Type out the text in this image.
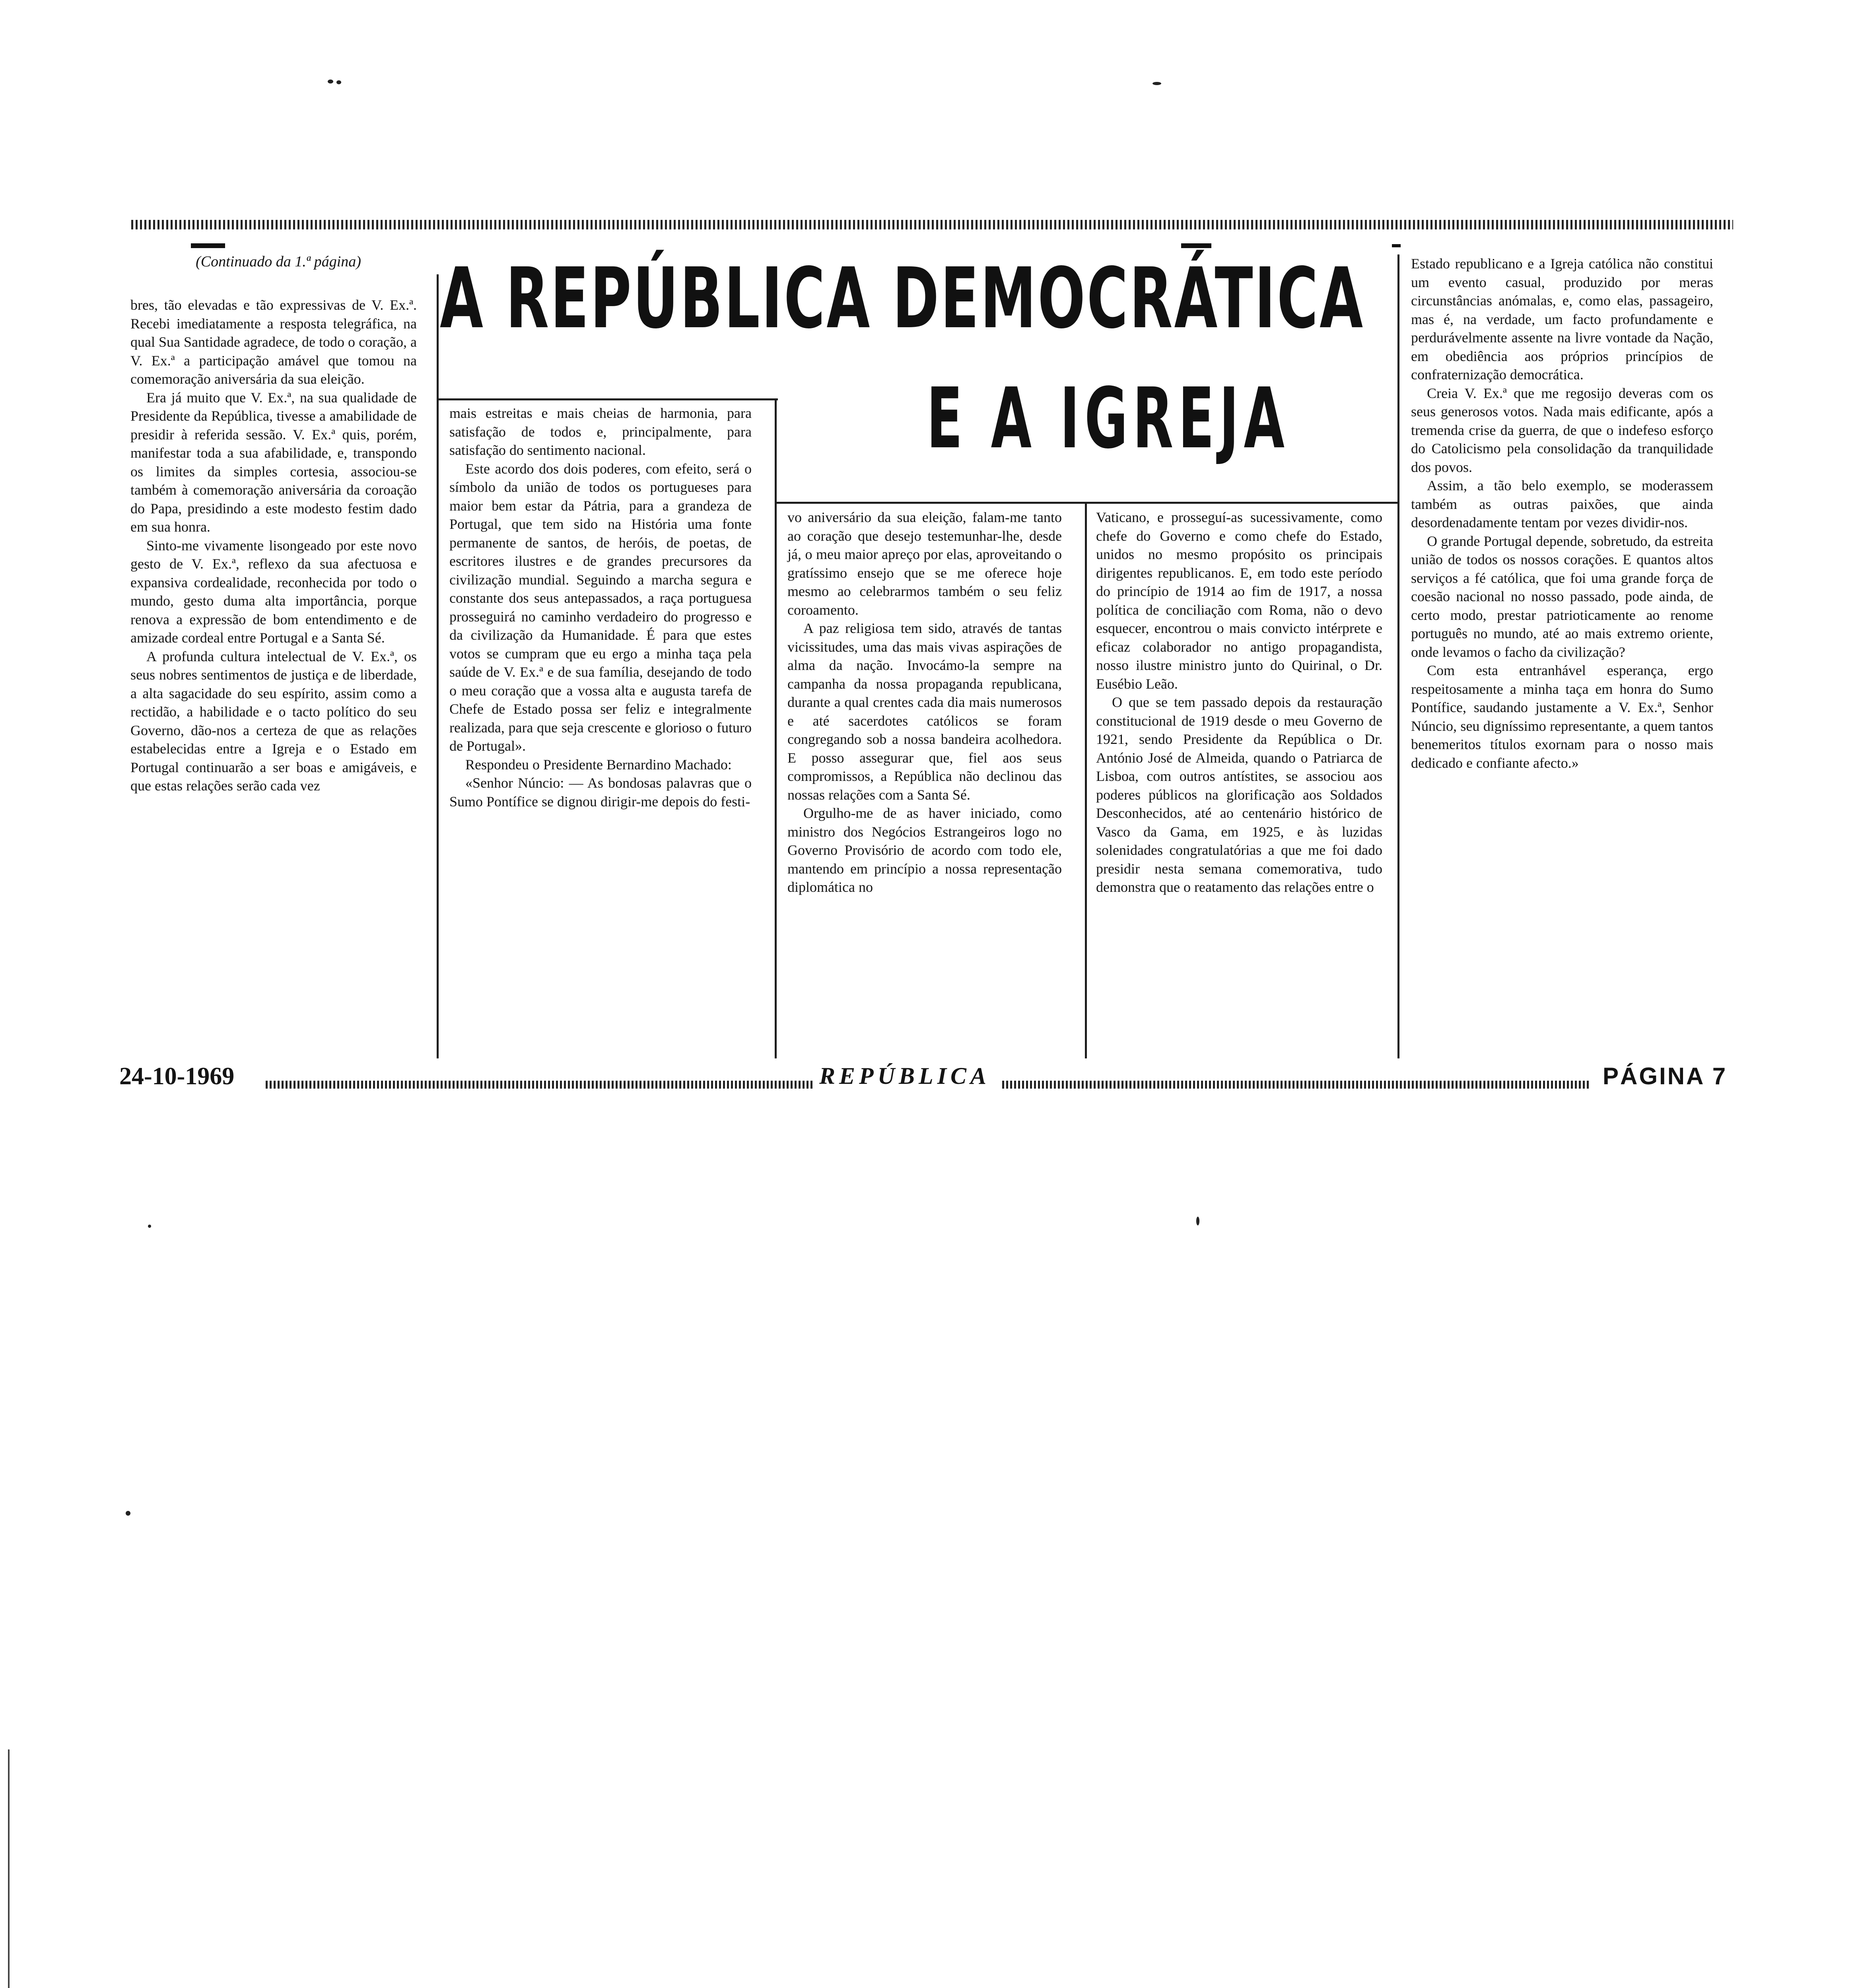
(Continuado da 1.ª página) A REPÚBLICA DEMOCRÁTICA
E A IGREJA

bres, tão elevadas e tão expressivas de V. Ex.ª. Recebi imediatamente a resposta telegráfica, na qual Sua Santidade agradece, de todo o coração, a V. Ex.ª a participação amável que tomou na comemoração aniversária da sua eleição.

Era já muito que V. Ex.ª, na sua qualidade de Presidente da República, tivesse a amabilidade de presidir à referida sessão. V. Ex.ª quis, porém, manifestar toda a sua afabilidade, e, transpondo os limites da simples cortesia, associou-se também à comemoração aniversária da coroação do Papa, presidindo a este modesto festim dado em sua honra.

Sinto-me vivamente lisongeado por este novo gesto de V. Ex.ª, reflexo da sua afectuosa e expansiva cordealidade, reconhecida por todo o mundo, gesto duma alta importância, porque renova a expressão de bom entendimento e de amizade cordeal entre Portugal e a Santa Sé.

A profunda cultura intelectual de V. Ex.ª, os seus nobres sentimentos de justiça e de liberdade, a alta sagacidade do seu espírito, assim como a rectidão, a habilidade e o tacto político do seu Governo, dão-nos a certeza de que as relações estabelecidas entre a Igreja e o Estado em Portugal continuarão a ser boas e amigáveis, e que estas relações serão cada vez

mais estreitas e mais cheias de harmonia, para satisfação de todos e, principalmente, para satisfação do sentimento nacional.

Este acordo dos dois poderes, com efeito, será o símbolo da união de todos os portugueses para maior bem estar da Pátria, para a grandeza de Portugal, que tem sido na História uma fonte permanente de santos, de heróis, de poetas, de escritores ilustres e de grandes precursores da civilização mundial. Seguindo a marcha segura e constante dos seus antepassados, a raça portuguesa prosseguirá no caminho verdadeiro do progresso e da civilização da Humanidade. É para que estes votos se cumpram que eu ergo a minha taça pela saúde de V. Ex.ª e de sua família, desejando de todo o meu coração que a vossa alta e augusta tarefa de Chefe de Estado possa ser feliz e integralmente realizada, para que seja crescente e glorioso o futuro de Portugal».

Respondeu o Presidente Bernardino Machado:

«Senhor Núncio: — As bondosas palavras que o Sumo Pontífice se dignou dirigir-me depois do festi-

vo aniversário da sua eleição, falam-me tanto ao coração que desejo testemunhar-lhe, desde já, o meu maior apreço por elas, aproveitando o gratíssimo ensejo que se me oferece hoje mesmo ao celebrarmos também o seu feliz coroamento.

A paz religiosa tem sido, através de tantas vicissitudes, uma das mais vivas aspirações de alma da nação. Invocámo-la sempre na campanha da nossa propaganda republicana, durante a qual crentes cada dia mais numerosos e até sacerdotes católicos se foram congregando sob a nossa bandeira acolhedora. E posso assegurar que, fiel aos seus compromissos, a República não declinou das nossas relações com a Santa Sé.

Orgulho-me de as haver iniciado, como ministro dos Negócios Estrangeiros logo no Governo Provisório de acordo com todo ele, mantendo em princípio a nossa representação diplomática no

Vaticano, e prosseguí-as sucessivamente, como chefe do Governo e como chefe do Estado, unidos no mesmo propósito os principais dirigentes republicanos. E, em todo este período do princípio de 1914 ao fim de 1917, a nossa política de conciliação com Roma, não o devo esquecer, encontrou o mais convicto intérprete e eficaz colaborador no antigo propagandista, nosso ilustre ministro junto do Quirinal, o Dr. Eusébio Leão.

O que se tem passado depois da restauração constitucional de 1919 desde o meu Governo de 1921, sendo Presidente da República o Dr. António José de Almeida, quando o Patriarca de Lisboa, com outros antístites, se associou aos poderes públicos na glorificação aos Soldados Desconhecidos, até ao centenário histórico de Vasco da Gama, em 1925, e às luzidas solenidades congratulatórias a que me foi dado presidir nesta semana comemorativa, tudo demonstra que o reatamento das relações entre o

Estado republicano e a Igreja católica não constitui um evento casual, produzido por meras circunstâncias anómalas, e, como elas, passageiro, mas é, na verdade, um facto profundamente e perdurávelmente assente na livre vontade da Nação, em obediência aos próprios princípios de confraternização democrática.

Creia V. Ex.ª que me regosijo deveras com os seus generosos votos. Nada mais edificante, após a tremenda crise da guerra, de que o indefeso esforço do Catolicismo pela consolidação da tranquilidade dos povos.

Assim, a tão belo exemplo, se moderassem também as outras paixões, que ainda desordenadamente tentam por vezes dividir-nos.

O grande Portugal depende, sobretudo, da estreita união de todos os nossos corações. E quantos altos serviços a fé católica, que foi uma grande força de coesão nacional no nosso passado, pode ainda, de certo modo, prestar patrioticamente ao renome português no mundo, até ao mais extremo oriente, onde levamos o facho da civilização?

Com esta entranhável esperança, ergo respeitosamente a minha taça em honra do Sumo Pontífice, saudando justamente a V. Ex.ª, Senhor Núncio, seu digníssimo representante, a quem tantos benemeritos títulos exornam para o nosso mais dedicado e confiante afecto.»

24-10-1969	REPÚBLICA	PÁGINA 7
